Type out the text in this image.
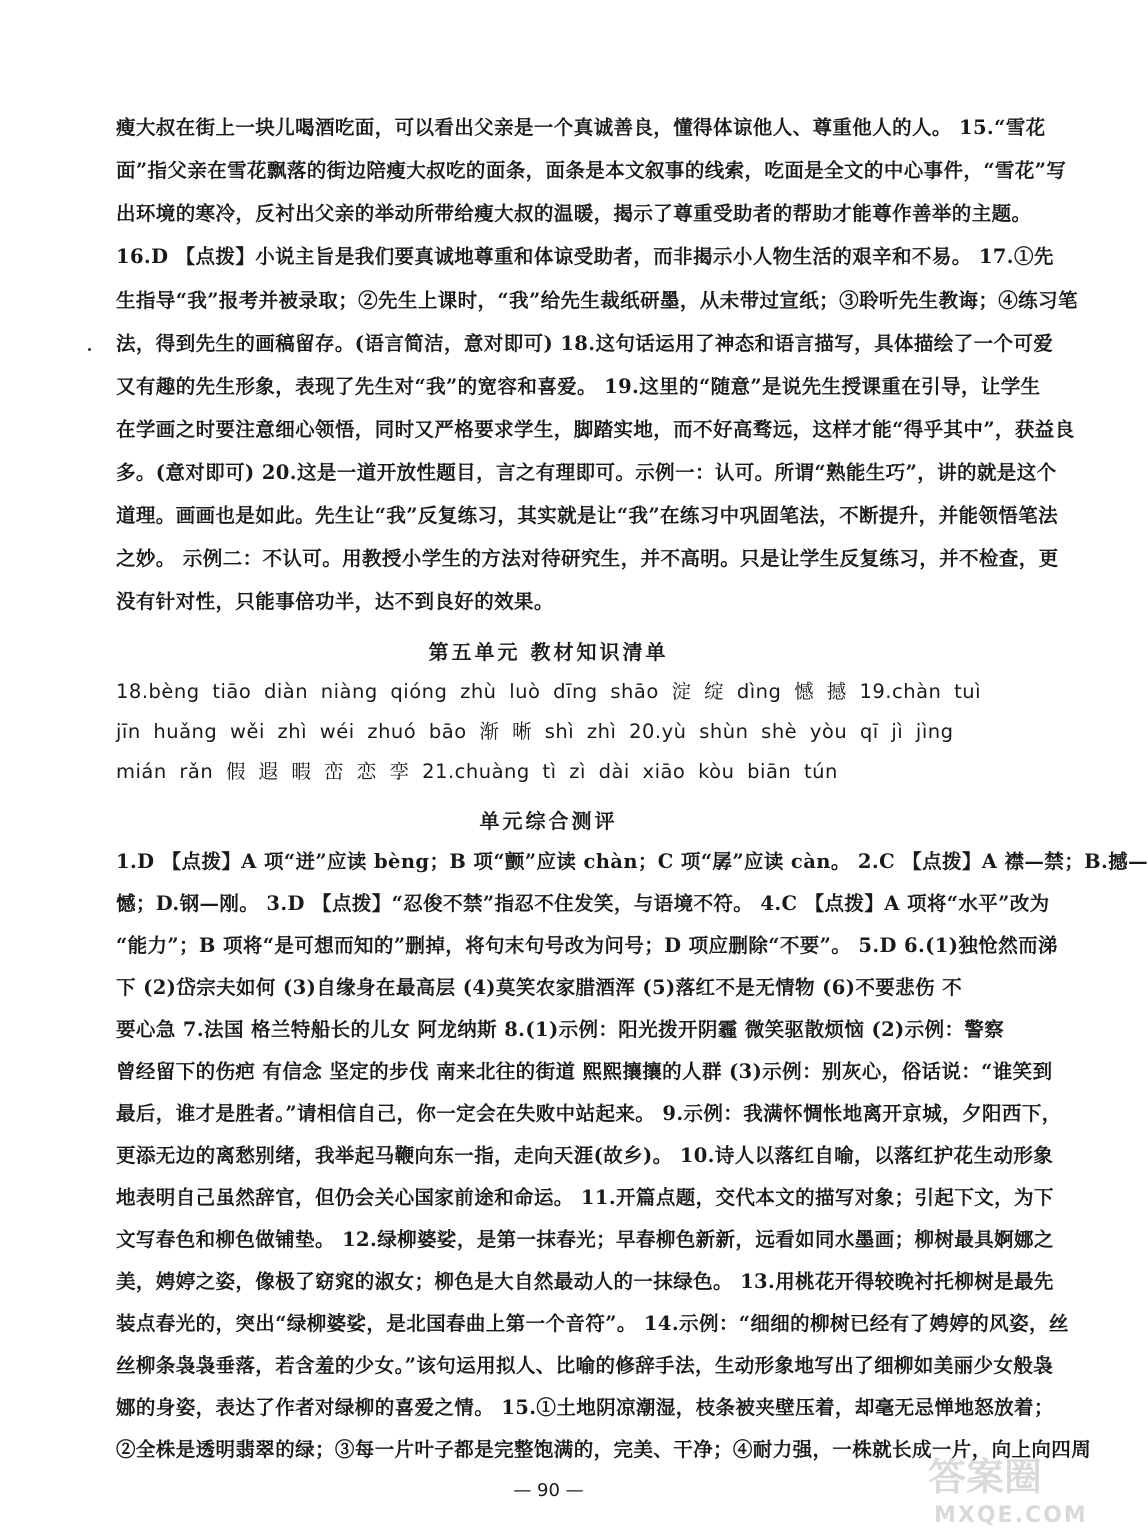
瘦大叔在街上一块儿喝酒吃面，可以看出父亲是一个真诚善良，懂得体谅他人、尊重他人的人。 15.“雪花
面”指父亲在雪花飘落的街边陪瘦大叔吃的面条，面条是本文叙事的线索，吃面是全文的中心事件，“雪花”写
出环境的寒冷，反衬出父亲的举动所带给瘦大叔的温暖，揭示了尊重受助者的帮助才能尊作善举的主题。
16.D 【点拨】小说主旨是我们要真诚地尊重和体谅受助者，而非揭示小人物生活的艰辛和不易。 17.①先
生指导“我”报考并被录取；②先生上课时，“我”给先生裁纸研墨，从未带过宣纸；③聆听先生教诲；④练习笔
法，得到先生的画稿留存。(语言简洁，意对即可) 18.这句话运用了神态和语言描写，具体描绘了一个可爱
又有趣的先生形象，表现了先生对“我”的宽容和喜爱。 19.这里的“随意”是说先生授课重在引导，让学生
在学画之时要注意细心领悟，同时又严格要求学生，脚踏实地，而不好高骛远，这样才能“得乎其中”，获益良
多。(意对即可) 20.这是一道开放性题目，言之有理即可。示例一：认可。所谓“熟能生巧”，讲的就是这个
道理。画画也是如此。先生让“我”反复练习，其实就是让“我”在练习中巩固笔法，不断提升，并能领悟笔法
之妙。 示例二：不认可。用教授小学生的方法对待研究生，并不高明。只是让学生反复练习，并不检查，更
没有针对性，只能事倍功半，达不到良好的效果。
第五单元 教材知识清单
18.bèng tiāo diàn niàng qióng zhù luò dīng shāo 淀 绽 dìng 憾 撼 19.chàn tuì
jīn huǎng wěi zhì wéi zhuó bāo 渐 晰 shì zhì 20.yù shùn shè yòu qī jì jìng
mián rǎn 假 遐 暇 峦 恋 孪 21.chuàng tì zì dài xiāo kòu biān tún
单元综合测评
1.D 【点拨】A 项“迸”应读 bèng；B 项“颤”应读 chàn；C 项“孱”应读 càn。 2.C 【点拨】A 襟—禁；B.撼—
憾；D.钢—刚。 3.D 【点拨】“忍俊不禁”指忍不住发笑，与语境不符。 4.C 【点拨】A 项将“水平”改为
“能力”；B 项将“是可想而知的”删掉，将句末句号改为问号；D 项应删除“不要”。 5.D 6.(1)独怆然而涕
下 (2)岱宗夫如何 (3)自缘身在最高层 (4)莫笑农家腊酒浑 (5)落红不是无情物 (6)不要悲伤 不
要心急 7.法国 格兰特船长的儿女 阿龙纳斯 8.(1)示例：阳光拨开阴霾 微笑驱散烦恼 (2)示例：警察
曾经留下的伤疤 有信念 坚定的步伐 南来北往的街道 熙熙攘攘的人群 (3)示例：别灰心，俗话说：“谁笑到
最后，谁才是胜者。”请相信自己，你一定会在失败中站起来。 9.示例：我满怀惆怅地离开京城，夕阳西下，
更添无边的离愁别绪，我举起马鞭向东一指，走向天涯(故乡)。 10.诗人以落红自喻，以落红护花生动形象
地表明自己虽然辞官，但仍会关心国家前途和命运。 11.开篇点题，交代本文的描写对象；引起下文，为下
文写春色和柳色做铺垫。 12.绿柳婆娑，是第一抹春光；早春柳色新新，远看如同水墨画；柳树最具婀娜之
美，娉婷之姿，像极了窈窕的淑女；柳色是大自然最动人的一抹绿色。 13.用桃花开得较晚衬托柳树是最先
装点春光的，突出“绿柳婆娑，是北国春曲上第一个音符”。 14.示例：“细细的柳树已经有了娉婷的风姿，丝
丝柳条袅袅垂落，若含羞的少女。”该句运用拟人、比喻的修辞手法，生动形象地写出了细柳如美丽少女般袅
娜的身姿，表达了作者对绿柳的喜爱之情。 15.①土地阴凉潮湿，枝条被夹壁压着，却毫无忌惮地怒放着；
②全株是透明翡翠的绿；③每一片叶子都是完整饱满的，完美、干净；④耐力强，一株就长成一片，向上向四周
— 90 —	答案圈
MXQE.COM
